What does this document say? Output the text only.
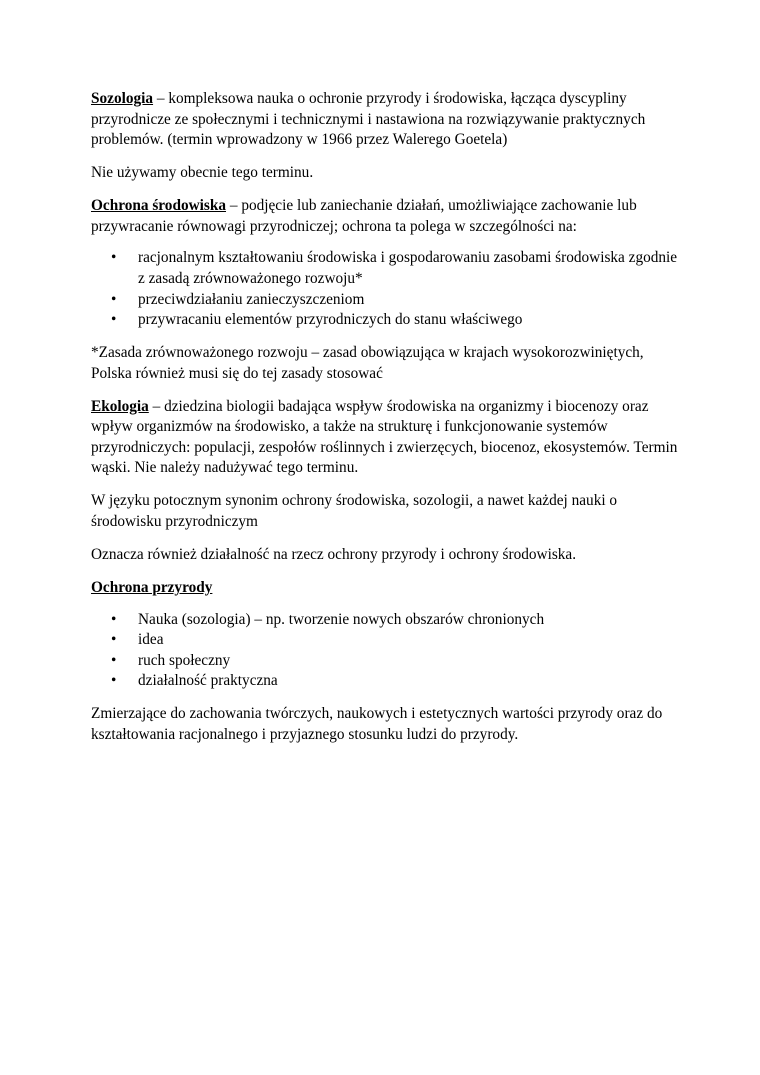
Sozologia – kompleksowa nauka o ochronie przyrody i środowiska, łącząca dyscypliny przyrodnicze ze społecznymi i technicznymi i nastawiona na rozwiązywanie praktycznych problemów. (termin wprowadzony w 1966 przez Walerego Goetela)

Nie używamy obecnie tego terminu.

Ochrona środowiska – podjęcie lub zaniechanie działań, umożliwiające zachowanie lub przywracanie równowagi przyrodniczej; ochrona ta polega w szczególności na:

• racjonalnym kształtowaniu środowiska i gospodarowaniu zasobami środowiska zgodnie z zasadą zrównoważonego rozwoju*
• przeciwdziałaniu zanieczyszczeniom
• przywracaniu elementów przyrodniczych do stanu właściwego

*Zasada zrównoważonego rozwoju – zasad obowiązująca w krajach wysokorozwiniętych, Polska również musi się do tej zasady stosować

Ekologia – dziedzina biologii badająca wspływ środowiska na organizmy i biocenozy oraz wpływ organizmów na środowisko, a także na strukturę i funkcjonowanie systemów przyrodniczych: populacji, zespołów roślinnych i zwierzęcych, biocenoz, ekosystemów. Termin wąski. Nie należy nadużywać tego terminu.

W języku potocznym synonim ochrony środowiska, sozologii, a nawet każdej nauki o środowisku przyrodniczym

Oznacza również działalność na rzecz ochrony przyrody i ochrony środowiska.

Ochrona przyrody

• Nauka (sozologia) – np. tworzenie nowych obszarów chronionych
• idea
• ruch społeczny
• działalność praktyczna

Zmierzające do zachowania twórczych, naukowych i estetycznych wartości przyrody oraz do kształtowania racjonalnego i przyjaznego stosunku ludzi do przyrody.
